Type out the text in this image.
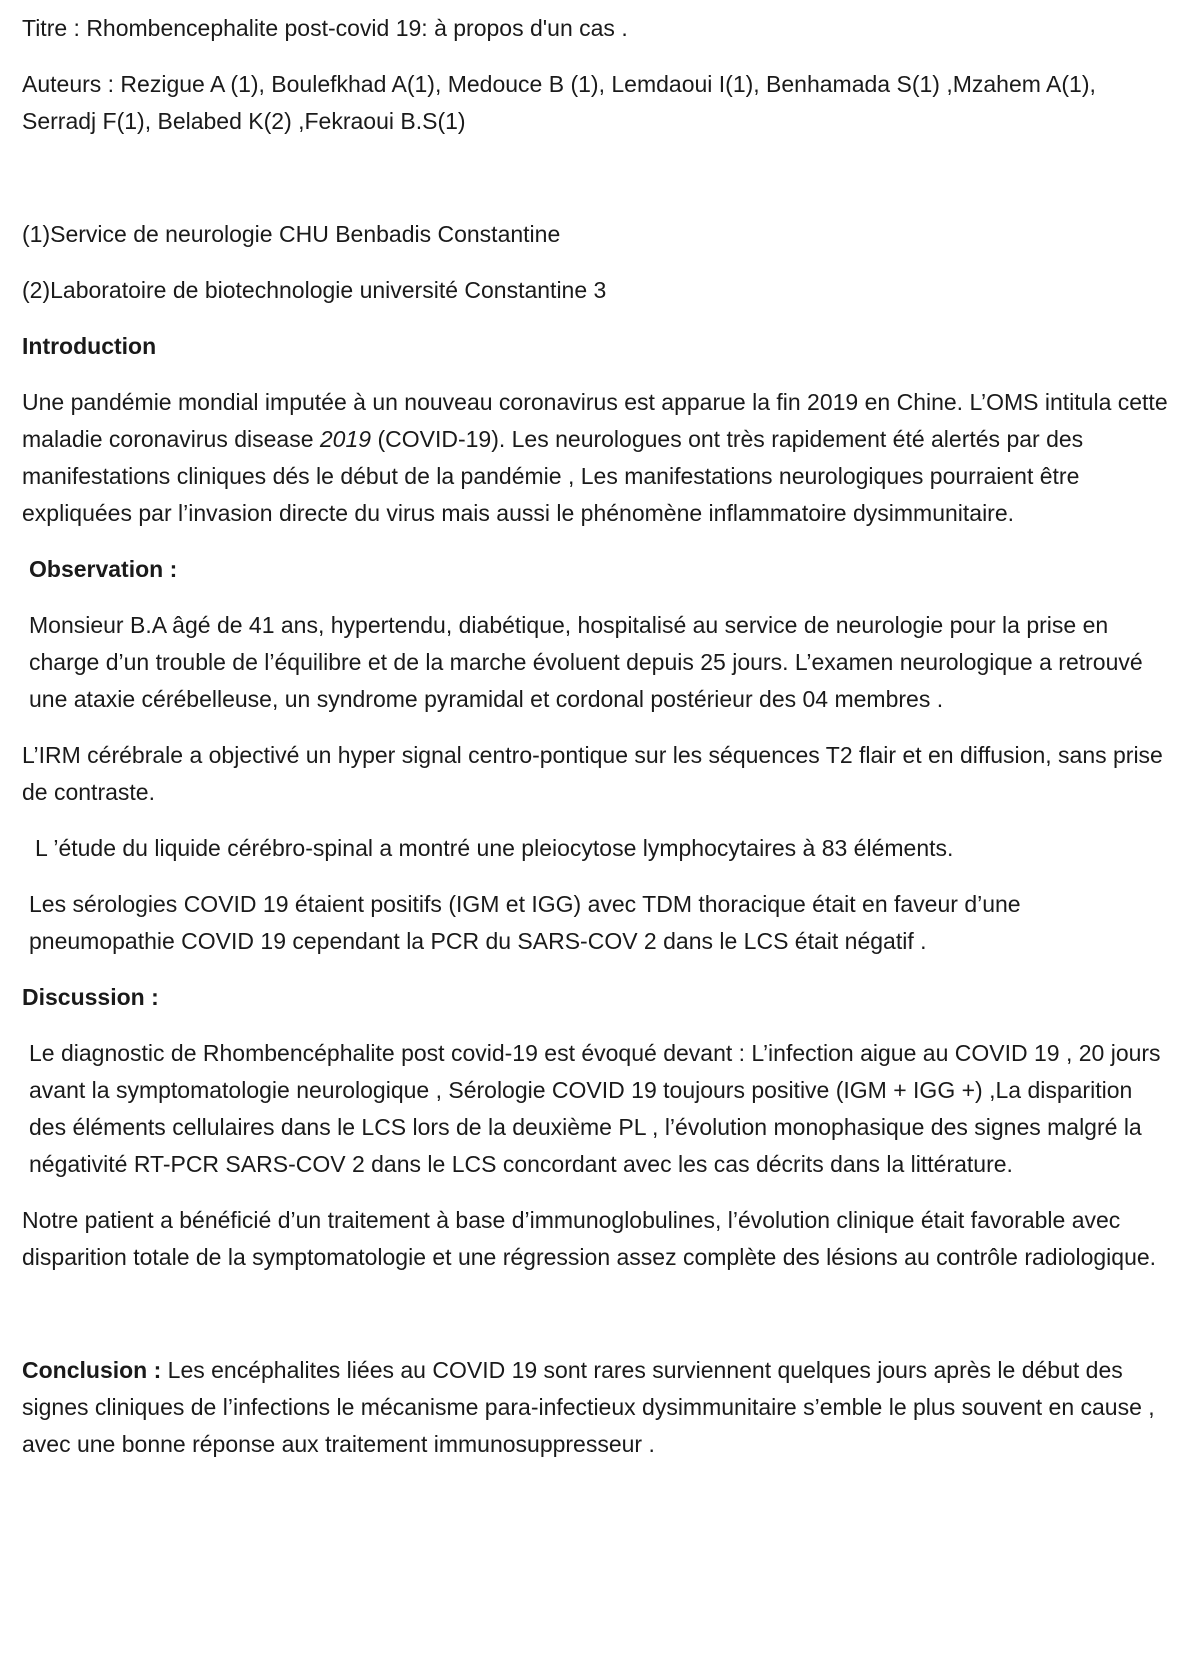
Titre : Rhombencephalite post-covid 19: à propos d'un cas .

Auteurs : Rezigue A (1), Boulefkhad A(1), Medouce B (1), Lemdaoui I(1), Benhamada S(1) ,Mzahem A(1), Serradj F(1), Belabed K(2) ,Fekraoui B.S(1)

(1)Service de neurologie CHU Benbadis Constantine

(2)Laboratoire de biotechnologie université Constantine 3

Introduction

Une pandémie mondial imputée à un nouveau coronavirus est apparue la fin 2019 en Chine. L’OMS intitula cette maladie coronavirus disease 2019 (COVID-19). Les neurologues ont très rapidement été alertés par des manifestations cliniques dés le début de la pandémie , Les manifestations neurologiques pourraient être expliquées par l’invasion directe du virus mais aussi le phénomène inflammatoire dysimmunitaire.

Observation :

Monsieur B.A âgé de 41 ans, hypertendu, diabétique, hospitalisé au service de neurologie pour la prise en charge d’un trouble de l’équilibre et de la marche évoluent depuis 25 jours. L’examen neurologique a retrouvé une ataxie cérébelleuse, un syndrome pyramidal et cordonal postérieur des 04 membres .

L’IRM cérébrale a objectivé un hyper signal centro-pontique sur les séquences T2 flair et en diffusion, sans prise de contraste.

L ’étude du liquide cérébro-spinal a montré une pleiocytose lymphocytaires à 83 éléments.

Les sérologies COVID 19 étaient positifs (IGM et IGG) avec TDM thoracique était en faveur d’une pneumopathie COVID 19 cependant la PCR du SARS-COV 2 dans le LCS était négatif .

Discussion :

Le diagnostic de Rhombencéphalite post covid-19 est évoqué devant : L’infection aigue au COVID 19 , 20 jours avant la symptomatologie neurologique , Sérologie COVID 19 toujours positive (IGM + IGG +) ,La disparition des éléments cellulaires dans le LCS lors de la deuxième PL , l’évolution monophasique des signes malgré la négativité RT-PCR SARS-COV 2 dans le LCS concordant avec les cas décrits dans la littérature.

Notre patient a bénéficié d’un traitement à base d’immunoglobulines, l’évolution clinique était favorable avec disparition totale de la symptomatologie et une régression assez complète des lésions au contrôle radiologique.

Conclusion : Les encéphalites liées au COVID 19 sont rares surviennent quelques jours après le début des signes cliniques de l’infections le mécanisme para-infectieux dysimmunitaire s’emble le plus souvent en cause , avec une bonne réponse aux traitement immunosuppresseur .
